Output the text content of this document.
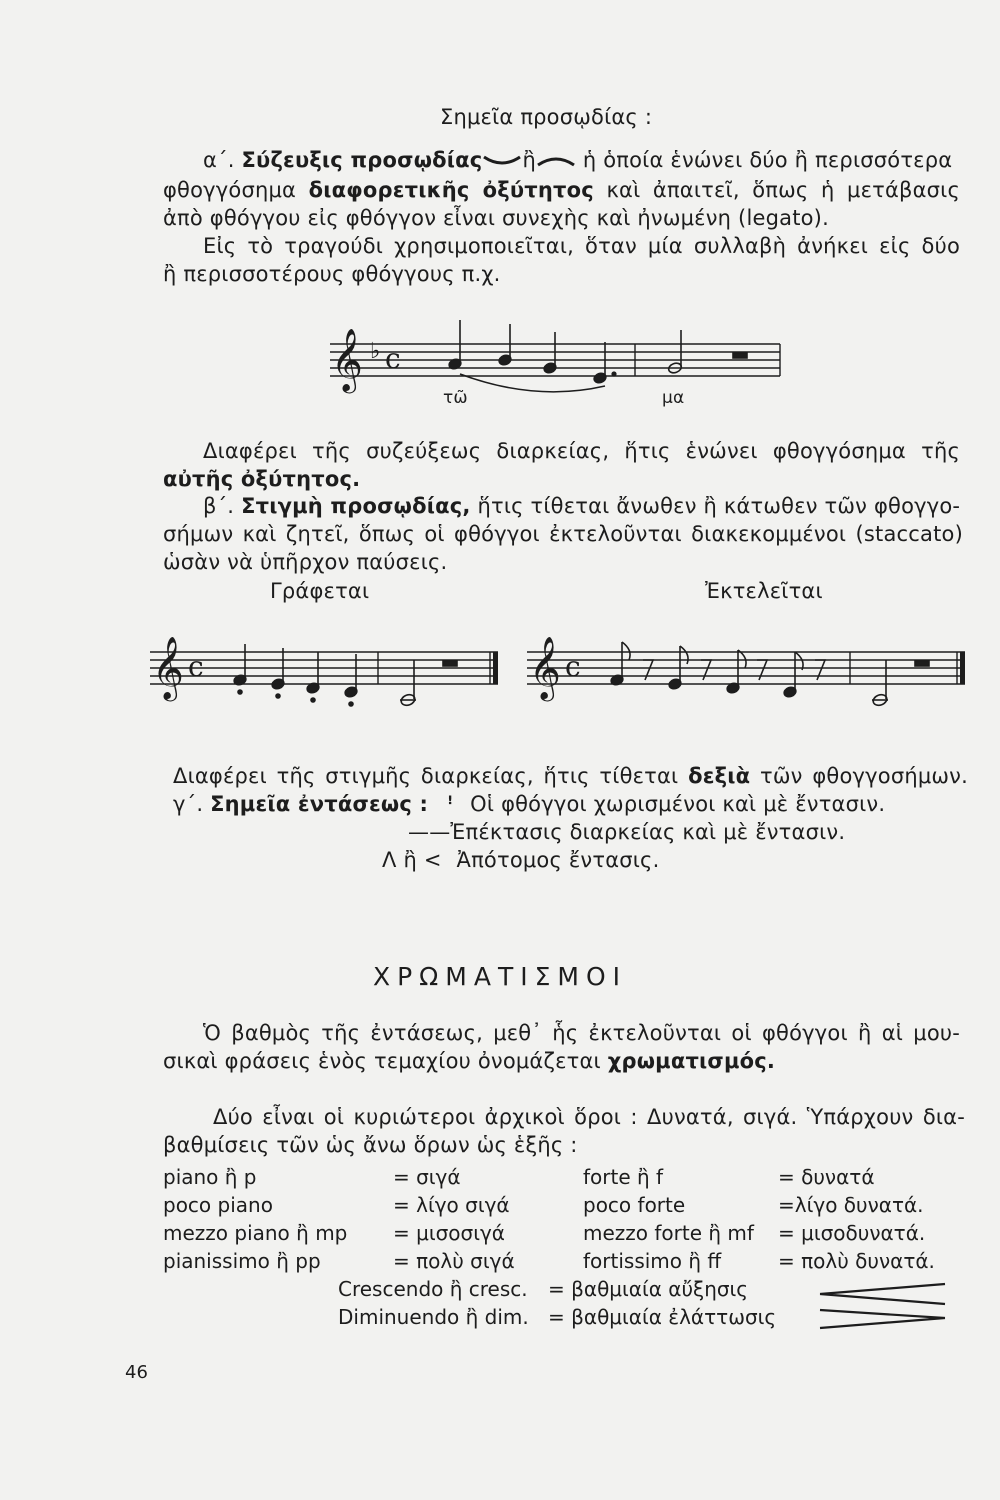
Σημεῖα προσῳδίας :
α΄. Σύζευξις προσῳδίας ἢ ἡ ὁποία ἑνώνει δύο ἢ περισσότερα
φθογγόσημα διαφορετικῆς ὀξύτητος καὶ ἀπαιτεῖ, ὅπως ἡ μετάβασις
ἀπὸ φθόγγου εἰς φθόγγον εἶναι συνεχὴς καὶ ἠνωμένη (legato).
Εἰς τὸ τραγούδι χρησιμοποιεῖται, ὅταν μία συλλαβὴ ἀνήκει εἰς δύο
ἢ περισσοτέρους φθόγγους π.χ.
𝄞 ♭ c
τῶ	μα
Διαφέρει τῆς συζεύξεως διαρκείας, ἥτις ἑνώνει φθογγόσημα τῆς
αὐτῆς ὀξύτητος.
β΄. Στιγμὴ προσῳδίας, ἥτις τίθεται ἄνωθεν ἢ κάτωθεν τῶν φθογγο-
σήμων καὶ ζητεῖ, ὅπως οἱ φθόγγοι ἐκτελοῦνται διακεκομμένοι (staccato)
ὡσὰν νὰ ὑπῆρχον παύσεις.
Γράφεται	Ἐκτελεῖται
𝄞 c	𝄞 c
Διαφέρει τῆς στιγμῆς διαρκείας, ἥτις τίθεται δεξιὰ τῶν φθογγοσήμων.
γ΄. Σημεῖα ἐντάσεως : ꜝ Οἱ φθόγγοι χωρισμένοι καὶ μὲ ἔντασιν.
——Ἐπέκτασις διαρκείας καὶ μὲ ἔντασιν.
Λ ἢ < Ἀπότομος ἔντασις.
ΧΡΩΜΑΤΙΣΜΟΙ
Ὁ βαθμὸς τῆς ἐντάσεως, μεθ᾽ ἧς ἐκτελοῦνται οἱ φθόγγοι ἢ αἱ μου-
σικαὶ φράσεις ἑνὸς τεμαχίου ὀνομάζεται χρωματισμός.
Δύο εἶναι οἱ κυριώτεροι ἀρχικοὶ ὅροι : Δυνατά, σιγά. Ὑπάρχουν δια-
βαθμίσεις τῶν ὡς ἄνω ὅρων ὡς ἑξῆς :
piano ἢ p	= σιγά	forte ἢ f	= δυνατά
poco piano	= λίγο σιγά	poco forte	=λίγο δυνατά.
mezzo piano ἢ mp = μισοσιγά	mezzo forte ἢ mf = μισοδυνατά.
pianissimo ἢ pp	= πολὺ σιγά	fortissimo ἢ ff	= πολὺ δυνατά.
Crescendo ἢ cresc. = βαθμιαία αὔξησις
Diminuendo ἢ dim. = βαθμιαία ἐλάττωσις
46
